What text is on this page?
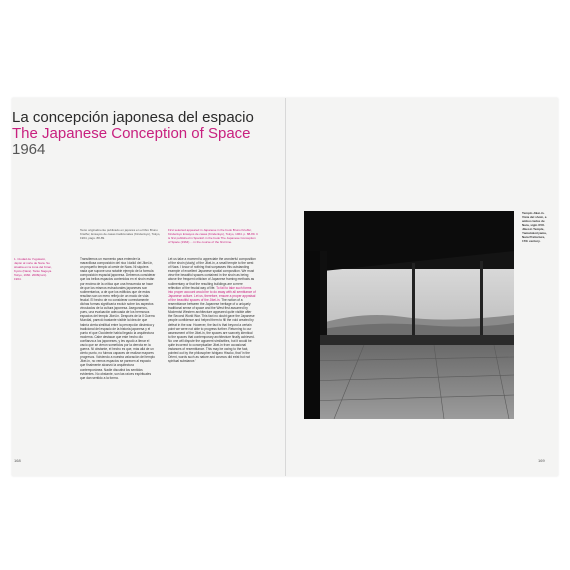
La concepción japonesa del espacio
The Japanese Conception of Space
1964
Texto originalmente publicado en japonés en el libro Bruno Krieffer, Ensayos de casas tradicionales (Kindenkyo), Tokyo, 1964, págs. 88-89.
First selected appeared in Japanese in the book Bruno Krieffer, Kindenkyo Ensayos de casas (Kindenkyo), Tokyo, 1964. p. 88-89. It is first published in Spanish in the book The Japanese Conception of Space (1964) ... in the course of the first time.
1. Ciudad de Yugokami, Japón al norte de Nara. Se situaba en la zona del Kinai, Kyoto (Nara). Tanto Nagoya. Tokyo, 1960. 2008(cont). 1964.
Transitemos un momento para entender la maravillosa composición del rica I daikő del Jikei-in, un pequeño templo al oeste de Nara. Ni siquiera nada que supone una notable ejemplo de la formula composición espacial japonesa. Debemos considerar que los bellos espacios contenidos en el shoin están por encima de la crítica que una frecuencia se hace de que los mismos estructurales japoneses son rudimentarios, a de que los edificios que de estos resultan son un mero reflejo de un modo de vida feudal. El hecho de no considerar correctamente dichas formas significaría excluir sobre los aspectos vinculados de la cultura japonesa. Asegurarnos, pues, una evaluación adecuada de los hermosos espacios del templo Jikei-in. Después de la II Guerra Mundial, pareció bastante visible la idea de que habría cierta similitud entre la percepción dinámica y tradicional del espacio de la historia japonesa y el punto el que Occidente había llegado la arquitectura moderna. Cabe destacar que este hecho dio confianza a los japoneses, y les ayudó a llenar el vacío que se vieron sometidos por la derrota en la guerra. Ni obstante, el hecho es que, más allá de un cierto punto, no fuimos capaces de realizar mayores progresos. Volviendo a nuestra valoración del templo Jikei-in, no vemos espacios se parecen al espacio que finalmente alcanzó la arquitectura contemporánea. Nadie discutirá los sentidos evidentes. No obstante, son las raíces espirituales que dan sentido a la forma.
Let us take a moment to appreciate the wonderful composition of the shoin (study) of the Jikei-in, a small temple to the west of Nara. I know of nothing that surpasses this outstanding example of excellent Japanese spatial composition. We must view the beautiful spaces contained in the shoin as being above the frequent criticism of Japanese framing methods as rudimentary or that the resulting buildings are a mere reflection of the feudal way of life. To fail to take such forms into proper account would be to do away with all semblance of Japanese culture. Let us, therefore, ensure a proper appraisal of the beautiful spaces of the Jikei-in. The notion of a resemblance between the Japanese heritage of a uniquely traditional sense of space and the West first assumed by Modernist Western architecture appeared quite visible after the Second World War. This fact no doubt gave the Japanese people confidence and helped them to fill the void created by defeat in the war. However, the fact is that beyond a certain point we were not able to progress further. Returning to our assessment of the Jikei-in, the spaces are scarcely identical to the spaces that contemporary architecture finally achieved. No one will dispute the apparent similarities, but it would be quite incorrect to conceptualize Jikei-in from occasional instances of resemblance. This may be owing to the fact, pointed out by the philosopher Ishigaro Hisoko, that 'in the Orient, words such as nature and cosmos did exist but not spiritual substance.'
Templo Jikei-in. Vista del shoin, a ambos lados de Nara, siglo XVII. Jikei-in Temple, Yamatokoriyama, Nara Prefecture, 17th century.
168	169
